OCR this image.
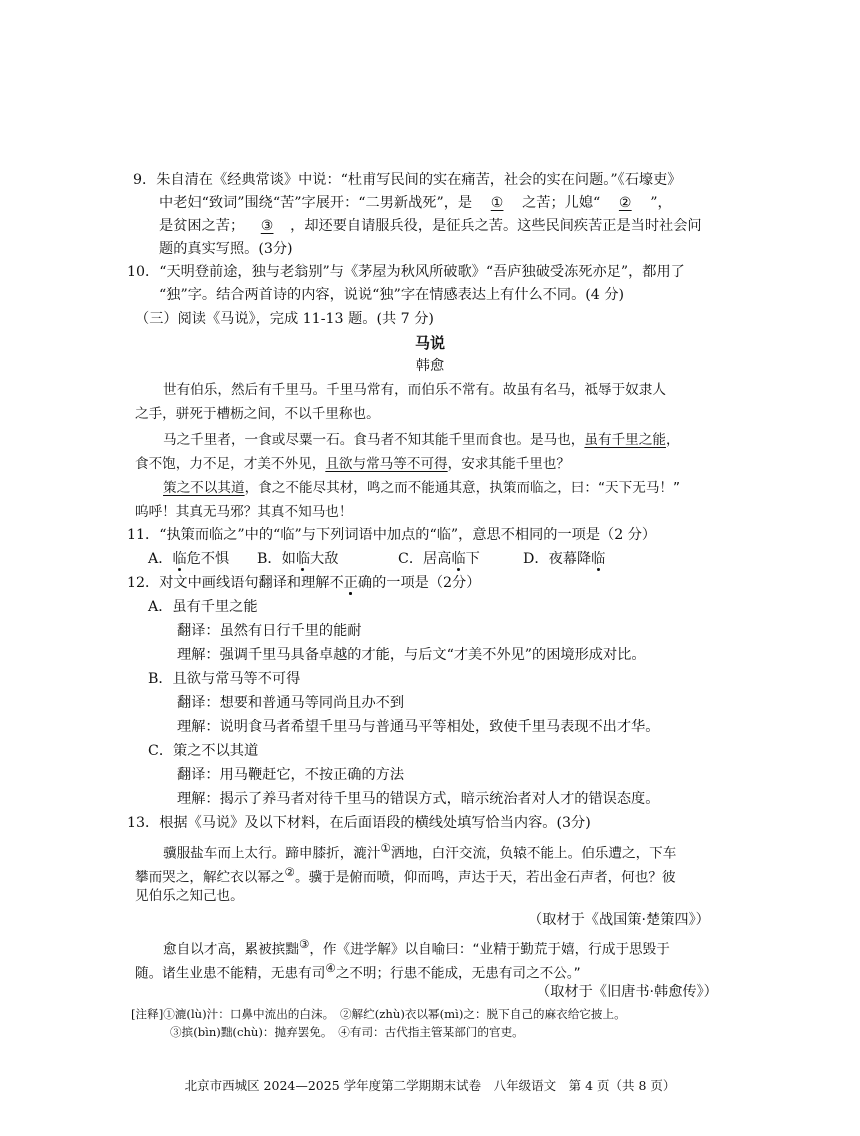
9．朱自清在《经典常谈》中说：“杜甫写民间的实在痛苦，社会的实在问题。”《石壕吏》
中老妇“致词”围绕“苦”字展开：“二男新战死”，是 ① 之苦；儿媳“ ② ”，
是贫困之苦； ③ ，却还要自请服兵役，是征兵之苦。这些民间疾苦正是当时社会问
题的真实写照。(3分)
10．“天明登前途，独与老翁别”与《茅屋为秋风所破歌》“吾庐独破受冻死亦足”，都用了
“独”字。结合两首诗的内容，说说“独”字在情感表达上有什么不同。(4 分)
（三）阅读《马说》，完成 11-13 题。(共 7 分)
马说
韩愈
世有伯乐，然后有千里马。千里马常有，而伯乐不常有。故虽有名马，祗辱于奴隶人
之手，骈死于槽枥之间，不以千里称也。
马之千里者，一食或尽粟一石。食马者不知其能千里而食也。是马也，虽有千里之能，
食不饱，力不足，才美不外见，且欲与常马等不可得，安求其能千里也？
策之不以其道，食之不能尽其材，鸣之而不能通其意，执策而临之，曰：“天下无马！”
呜呼！其真无马邪？其真不知马也！
11．“执策而临之”中的“临”与下列词语中加点的“临”，意思不相同的一项是（2 分）
A．临危不惧 B．如临大敌	C．居高临下	D．夜幕降临
12．对文中画线语句翻译和理解不正确的一项是（2分）
A．虽有千里之能
翻译：虽然有日行千里的能耐
理解：强调千里马具备卓越的才能，与后文“才美不外见”的困境形成对比。
B．且欲与常马等不可得
翻译：想要和普通马等同尚且办不到
理解：说明食马者希望千里马与普通马平等相处，致使千里马表现不出才华。
C．策之不以其道
翻译：用马鞭赶它，不按正确的方法
理解：揭示了养马者对待千里马的错误方式，暗示统治者对人才的错误态度。
13．根据《马说》及以下材料，在后面语段的横线处填写恰当内容。(3分)
骥服盐车而上太行。蹄申膝折，漉汁①洒地，白汗交流，负辕不能上。伯乐遭之，下车
攀而哭之，解纻衣以幂之②。骥于是俯而喷，仰而鸣，声达于天，若出金石声者，何也？彼
见伯乐之知己也。
（取材于《战国策·楚策四》）
愈自以才高，累被摈黜③，作《进学解》以自喻曰：“业精于勤荒于嬉，行成于思毁于
随。诸生业患不能精，无患有司④之不明；行患不能成，无患有司之不公。”
（取材于《旧唐书·韩愈传》）
[注释]①漉(lù)汁：口鼻中流出的白沫。　②解纻(zhù)衣以幂(mì)之：脱下自己的麻衣给它披上。
③摈(bìn)黜(chù)：抛弃罢免。　④有司：古代指主管某部门的官吏。
北京市西城区 2024—2025 学年度第二学期期末试卷　八年级语文　第 4 页（共 8 页）
